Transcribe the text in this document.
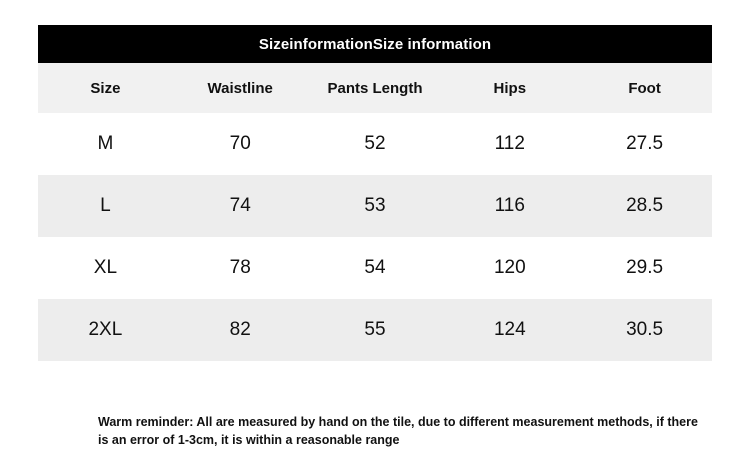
SizeinformationSize information
Size	Waistline	Pants Length	Hips	Foot
M	70	52	112	27.5
L	74	53	116	28.5
XL	78	54	120	29.5
2XL	82	55	124	30.5
Warm reminder: All are measured by hand on the tile, due to different measurement methods, if there is an error of 1-3cm, it is within a reasonable range
